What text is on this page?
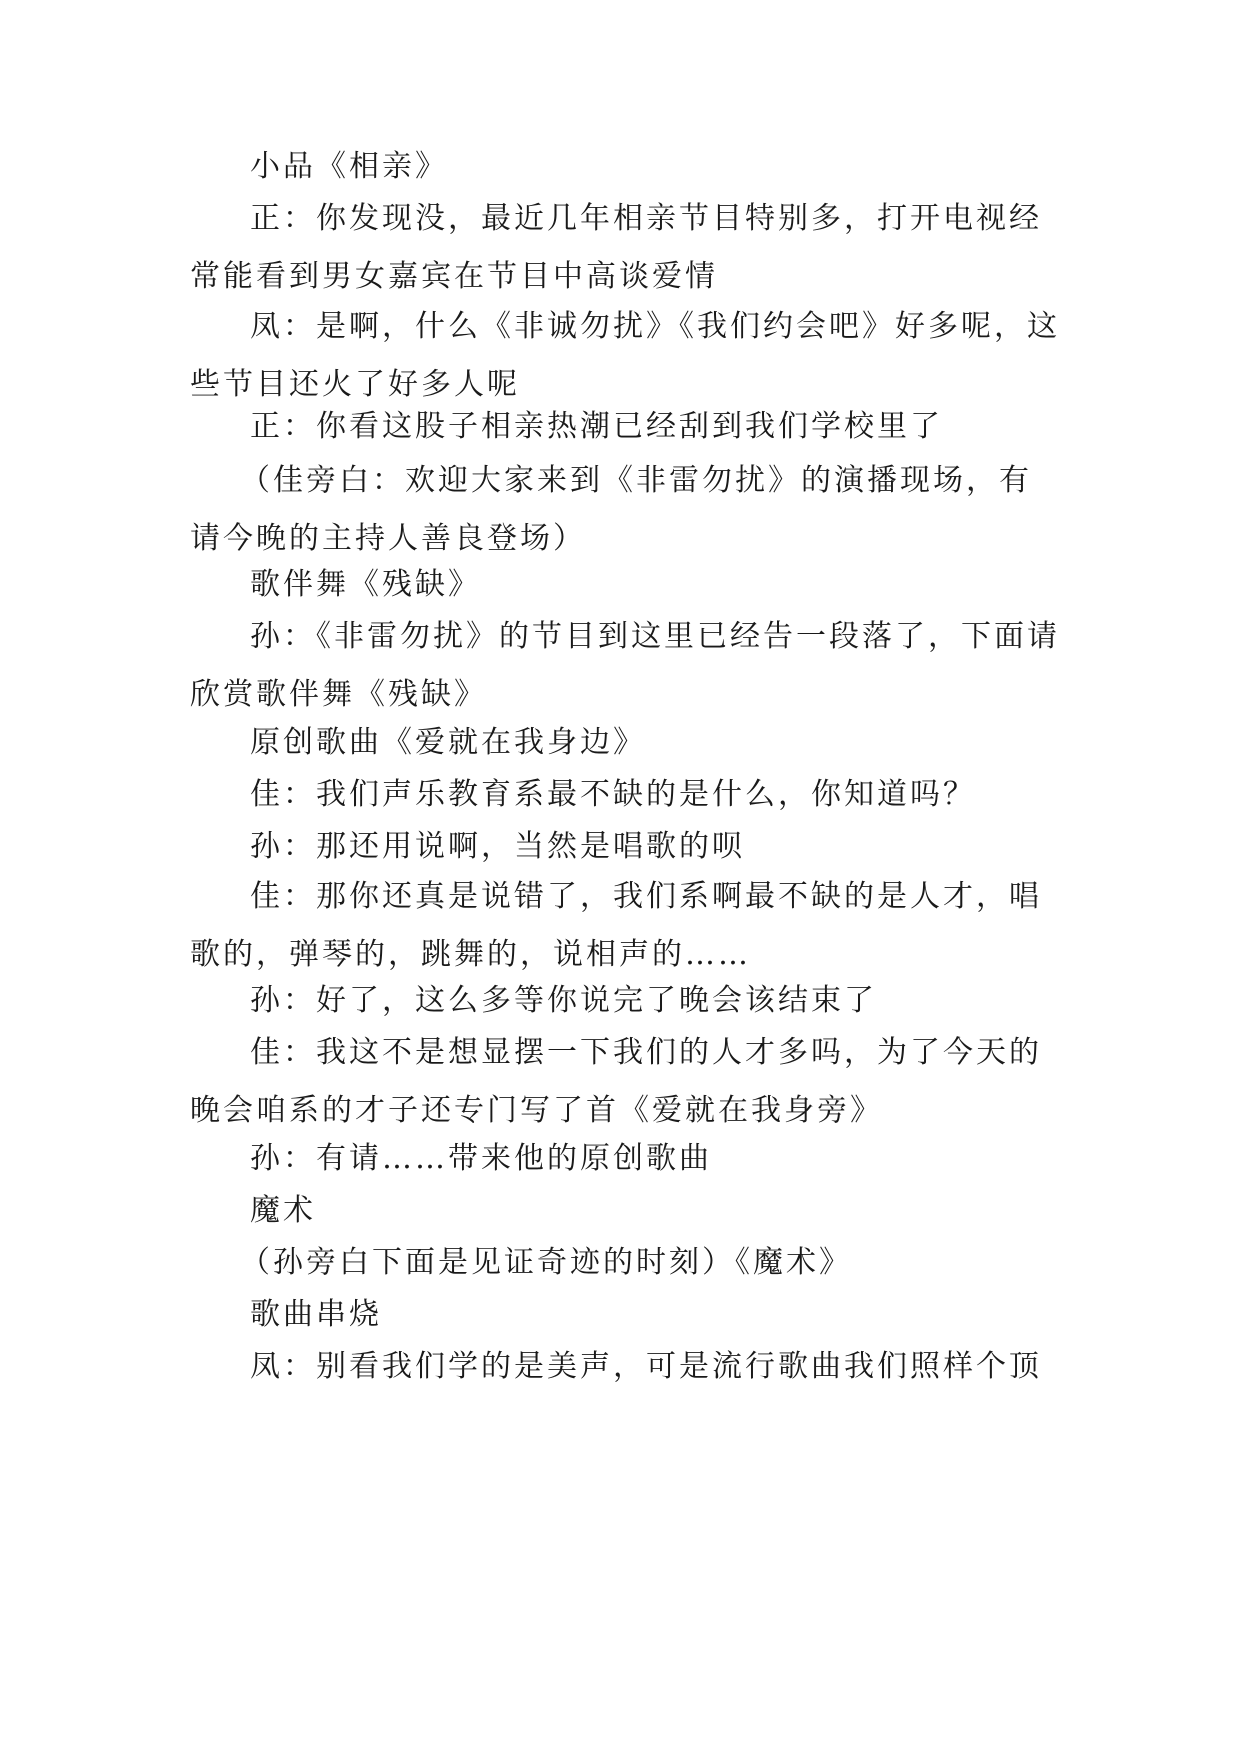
小品《相亲》

正：你发现没，最近几年相亲节目特别多，打开电视经常能看到男女嘉宾在节目中高谈爱情

凤：是啊，什么《非诚勿扰》《我们约会吧》好多呢，这些节目还火了好多人呢

正：你看这股子相亲热潮已经刮到我们学校里了

（佳旁白：欢迎大家来到《非雷勿扰》的演播现场，有请今晚的主持人善良登场）

歌伴舞《残缺》

孙：《非雷勿扰》的节目到这里已经告一段落了，下面请欣赏歌伴舞《残缺》

原创歌曲《爱就在我身边》

佳：我们声乐教育系最不缺的是什么，你知道吗？

孙：那还用说啊，当然是唱歌的呗

佳：那你还真是说错了，我们系啊最不缺的是人才，唱歌的，弹琴的，跳舞的，说相声的……

孙：好了，这么多等你说完了晚会该结束了

佳：我这不是想显摆一下我们的人才多吗，为了今天的晚会咱系的才子还专门写了首《爱就在我身旁》

孙：有请……带来他的原创歌曲

魔术

（孙旁白下面是见证奇迹的时刻）《魔术》

歌曲串烧

凤：别看我们学的是美声，可是流行歌曲我们照样个顶
